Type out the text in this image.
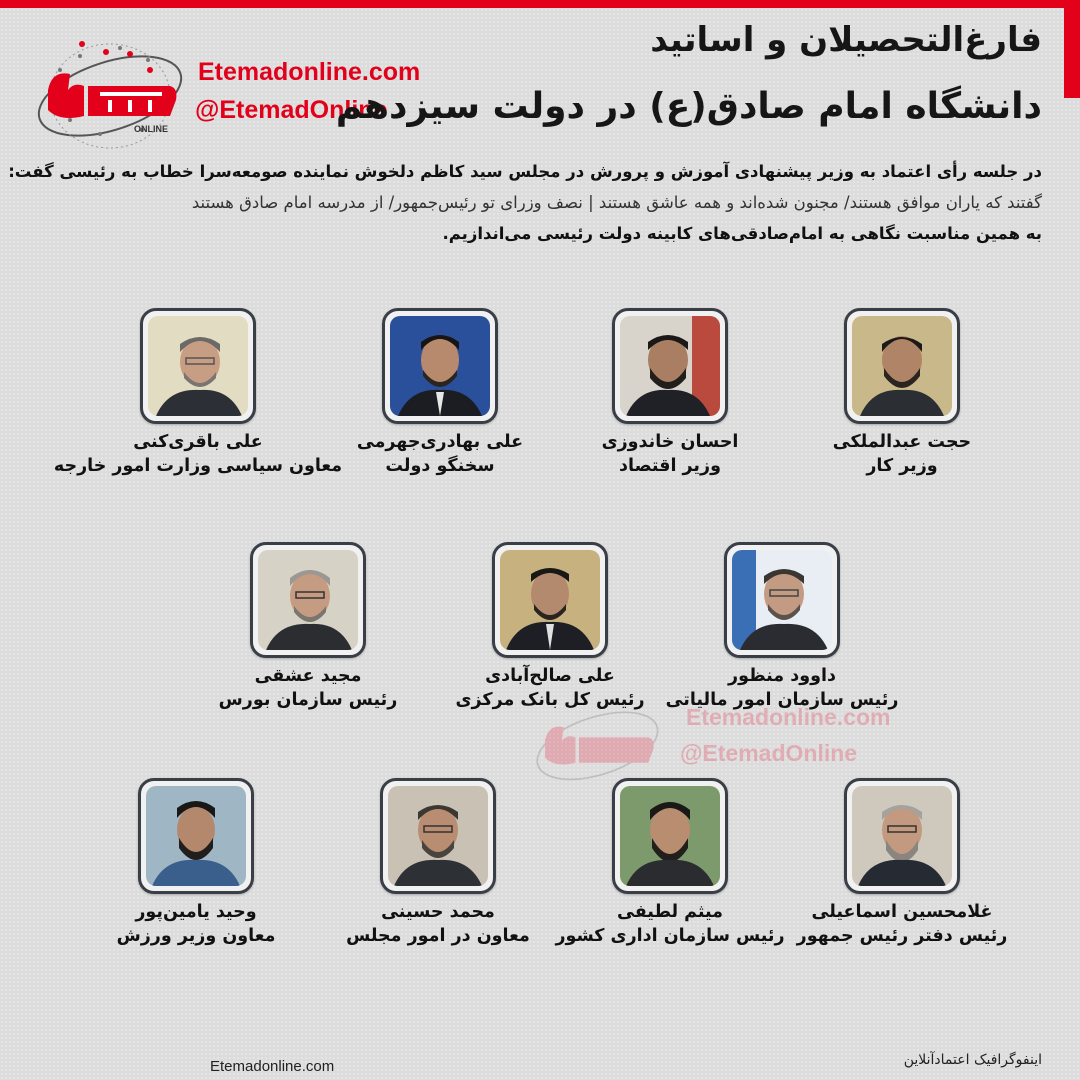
ONLINE
Etemadonline.com
@EtemadOnline
فارغ‌التحصیلان و اساتید
دانشگاه امام صادق(ع) در دولت سیزدهم
در جلسه رأی اعتماد به وزیر پیشنهادی آموزش و پرورش در مجلس سید کاظم دلخوش نماینده صومعه‌سرا خطاب به رئیسی گفت:
گفتند که یاران موافق هستند/ مجنون شده‌اند و همه عاشق هستند | نصف وزرای تو رئیس‌جمهور/ از مدرسه امام صادق هستند
به همین مناسبت نگاهی به امام‌صادقی‌های کابینه دولت رئیسی می‌اندازیم.
حجت عبدالملکی
وزیر کار
احسان خاندوزی
وزیر اقتصاد
علی بهادری‌جهرمی
سخنگو دولت
علی باقری‌کنی
معاون سیاسی وزارت امور خارجه
داوود منظور
رئیس سازمان امور مالیاتی
علی صالح‌آبادی
رئیس کل بانک مرکزی
مجید عشقی
رئیس سازمان بورس
غلامحسین اسماعیلی
رئیس دفتر رئیس جمهور
میثم لطیفی
رئیس سازمان اداری کشور
محمد حسینی
معاون در امور مجلس
وحید یامین‌پور
معاون وزیر ورزش
Etemadonline.com
@EtemadOnline
اینفوگرافیک اعتمادآنلاین
Etemadonline.com
